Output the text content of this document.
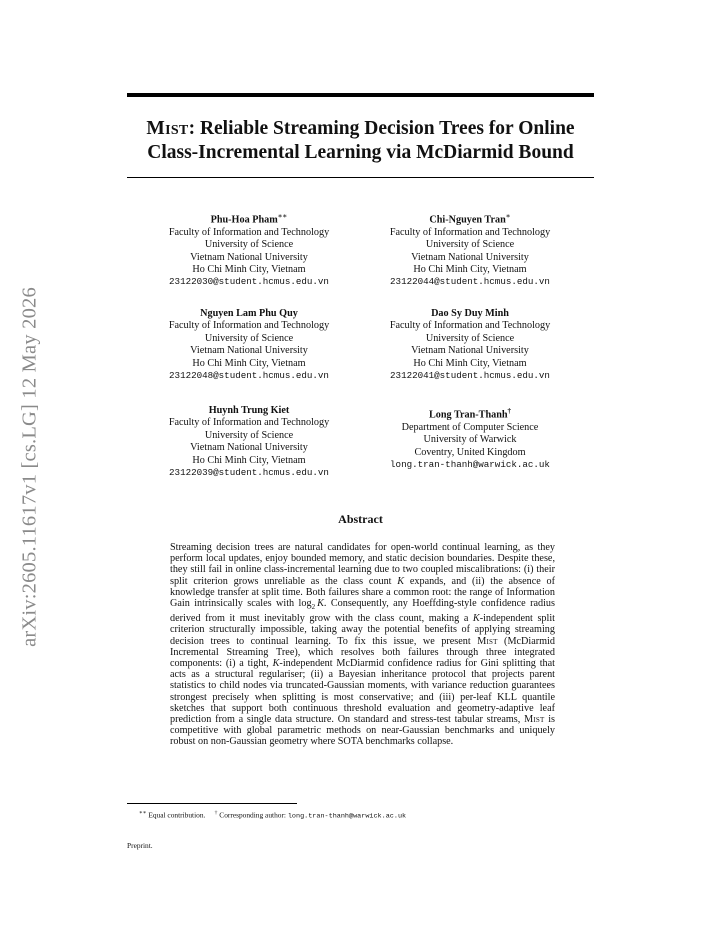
arXiv:2605.11617v1 [cs.LG] 12 May 2026
Mist: Reliable Streaming Decision Trees for Online Class-Incremental Learning via McDiarmid Bound
Phu-Hoa Pham∗∗
Faculty of Information and Technology
University of Science
Vietnam National University
Ho Chi Minh City, Vietnam
23122030@student.hcmus.edu.vn
Chi-Nguyen Tran∗
Faculty of Information and Technology
University of Science
Vietnam National University
Ho Chi Minh City, Vietnam
23122044@student.hcmus.edu.vn
Nguyen Lam Phu Quy
Faculty of Information and Technology
University of Science
Vietnam National University
Ho Chi Minh City, Vietnam
23122048@student.hcmus.edu.vn
Dao Sy Duy Minh
Faculty of Information and Technology
University of Science
Vietnam National University
Ho Chi Minh City, Vietnam
23122041@student.hcmus.edu.vn
Huynh Trung Kiet
Faculty of Information and Technology
University of Science
Vietnam National University
Ho Chi Minh City, Vietnam
23122039@student.hcmus.edu.vn
Long Tran-Thanh†
Department of Computer Science
University of Warwick
Coventry, United Kingdom
long.tran-thanh@warwick.ac.uk
Abstract

Streaming decision trees are natural candidates for open-world continual learning, as they perform local updates, enjoy bounded memory, and static decision boundaries. Despite these, they still fail in online class-incremental learning due to two coupled miscalibrations: (i) their split criterion grows unreliable as the class count K expands, and (ii) the absence of knowledge transfer at split time. Both failures share a common root: the range of Information Gain intrinsically scales with $\log_2 K$. Consequently, any Hoeffding-style confidence radius derived from it must inevitably grow with the class count, making a K-independent split criterion structurally impossible, taking away the potential benefits of applying streaming decision trees to continual learning. To fix this issue, we present Mist (McDiarmid Incremental Streaming Tree), which resolves both failures through three integrated components: (i) a tight, K-independent McDiarmid confidence radius for Gini splitting that acts as a structural regulariser; (ii) a Bayesian inheritance protocol that projects parent statistics to child nodes via truncated-Gaussian moments, with variance reduction guarantees strongest precisely when splitting is most conservative; and (iii) per-leaf KLL quantile sketches that support both continuous threshold evaluation and geometry-adaptive leaf prediction from a single data structure. On standard and stress-test tabular streams, Mist is competitive with global parametric methods on near-Gaussian benchmarks and uniquely robust on non-Gaussian geometry where SOTA benchmarks collapse.

∗∗ Equal contribution.   † Corresponding author: long.tran-thanh@warwick.ac.uk
Preprint.
